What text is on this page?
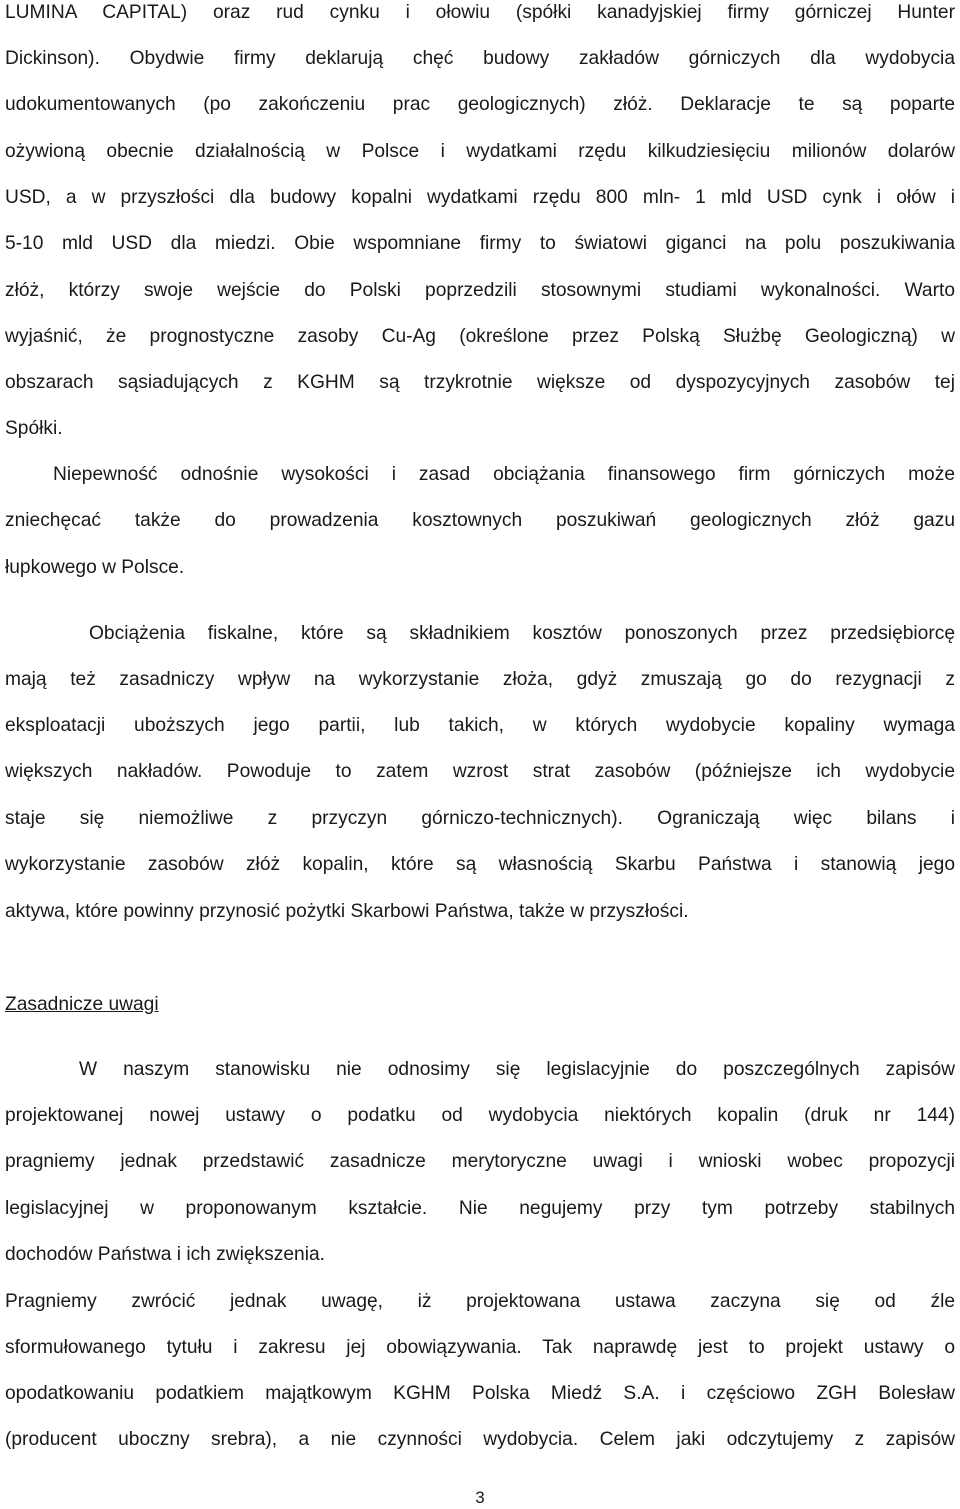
LUMINA CAPITAL) oraz rud cynku i ołowiu (spółki kanadyjskiej firmy górniczej Hunter
Dickinson). Obydwie firmy deklarują chęć budowy zakładów górniczych dla wydobycia
udokumentowanych (po zakończeniu prac geologicznych) złóż. Deklaracje te są poparte
ożywioną obecnie działalnością w Polsce i wydatkami rzędu kilkudziesięciu milionów dolarów
USD, a w przyszłości dla budowy kopalni wydatkami rzędu 800 mln- 1 mld USD cynk i ołów i
5-10 mld USD dla miedzi. Obie wspomniane firmy to światowi giganci na polu poszukiwania
złóż, którzy swoje wejście do Polski poprzedzili stosownymi studiami wykonalności. Warto
wyjaśnić, że prognostyczne zasoby Cu-Ag (określone przez Polską Służbę Geologiczną) w
obszarach sąsiadujących z KGHM są trzykrotnie większe od dyspozycyjnych zasobów tej
Spółki.
Niepewność odnośnie wysokości i zasad obciążania finansowego firm górniczych może
zniechęcać także do prowadzenia kosztownych poszukiwań geologicznych złóż gazu
łupkowego w Polsce.
Obciążenia fiskalne, które są składnikiem kosztów ponoszonych przez przedsiębiorcę
mają też zasadniczy wpływ na wykorzystanie złoża, gdyż zmuszają go do rezygnacji z
eksploatacji uboższych jego partii, lub takich, w których wydobycie kopaliny wymaga
większych nakładów. Powoduje to zatem wzrost strat zasobów (późniejsze ich wydobycie
staje się niemożliwe z przyczyn górniczo-technicznych). Ograniczają więc bilans i
wykorzystanie zasobów złóż kopalin, które są własnością Skarbu Państwa i stanowią jego
aktywa, które powinny przynosić pożytki Skarbowi Państwa, także w przyszłości.
Zasadnicze uwagi
W naszym stanowisku nie odnosimy się legislacyjnie do poszczególnych zapisów
projektowanej nowej ustawy o podatku od wydobycia niektórych kopalin (druk nr 144)
pragniemy jednak przedstawić zasadnicze merytoryczne uwagi i wnioski wobec propozycji
legislacyjnej w proponowanym kształcie. Nie negujemy przy tym potrzeby stabilnych
dochodów Państwa i ich zwiększenia.
Pragniemy zwrócić jednak uwagę, iż projektowana ustawa zaczyna się od źle
sformułowanego tytułu i zakresu jej obowiązywania. Tak naprawdę jest to projekt ustawy o
opodatkowaniu podatkiem majątkowym KGHM Polska Miedź S.A. i częściowo ZGH Bolesław
(producent uboczny srebra), a nie czynności wydobycia. Celem jaki odczytujemy z zapisów
3
